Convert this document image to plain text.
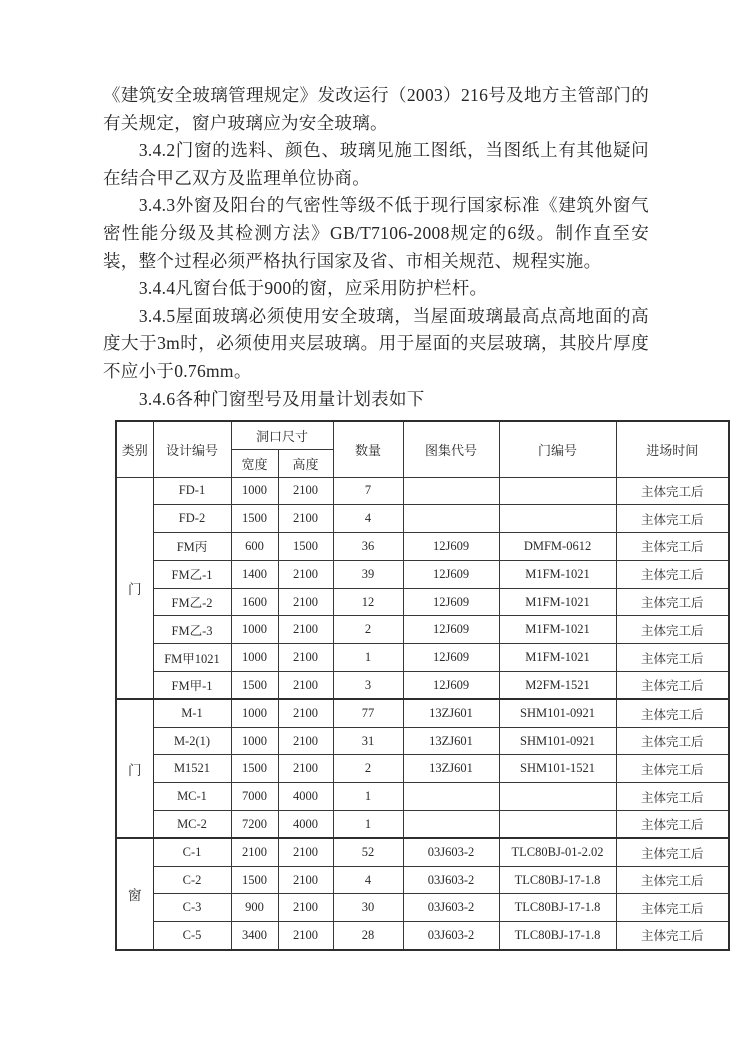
《建筑安全玻璃管理规定》发改运行（2003）216号及地方主管部门的有关规定，窗户玻璃应为安全玻璃。

3.4.2门窗的选料、颜色、玻璃见施工图纸，当图纸上有其他疑问在结合甲乙双方及监理单位协商。

3.4.3外窗及阳台的气密性等级不低于现行国家标准《建筑外窗气密性能分级及其检测方法》GB/T7106-2008规定的6级。制作直至安装，整个过程必须严格执行国家及省、市相关规范、规程实施。

3.4.4凡窗台低于900的窗，应采用防护栏杆。

3.4.5屋面玻璃必须使用安全玻璃，当屋面玻璃最高点高地面的高度大于3m时，必须使用夹层玻璃。用于屋面的夹层玻璃，其胶片厚度不应小于0.76mm。

3.4.6各种门窗型号及用量计划表如下

类别	设计编号	洞口尺寸		数量	图集代号	门编号	进场时间
		宽度	高度				
门	FD-1	1000	2100	7			主体完工后
	FD-2	1500	2100	4			主体完工后
	FM丙	600	1500	36	12J609	DMFM-0612	主体完工后
	FM乙-1	1400	2100	39	12J609	M1FM-1021	主体完工后
	FM乙-2	1600	2100	12	12J609	M1FM-1021	主体完工后
	FM乙-3	1000	2100	2	12J609	M1FM-1021	主体完工后
	FM甲1021	1000	2100	1	12J609	M1FM-1021	主体完工后
	FM甲-1	1500	2100	3	12J609	M2FM-1521	主体完工后
门	M-1	1000	2100	77	13ZJ601	SHM101-0921	主体完工后
	M-2(1)	1000	2100	31	13ZJ601	SHM101-0921	主体完工后
	M1521	1500	2100	2	13ZJ601	SHM101-1521	主体完工后
	MC-1	7000	4000	1			主体完工后
	MC-2	7200	4000	1			主体完工后
窗	C-1	2100	2100	52	03J603-2	TLC80BJ-01-2.02	主体完工后
	C-2	1500	2100	4	03J603-2	TLC80BJ-17-1.8	主体完工后
	C-3	900	2100	30	03J603-2	TLC80BJ-17-1.8	主体完工后
	C-5	3400	2100	28	03J603-2	TLC80BJ-17-1.8	主体完工后
